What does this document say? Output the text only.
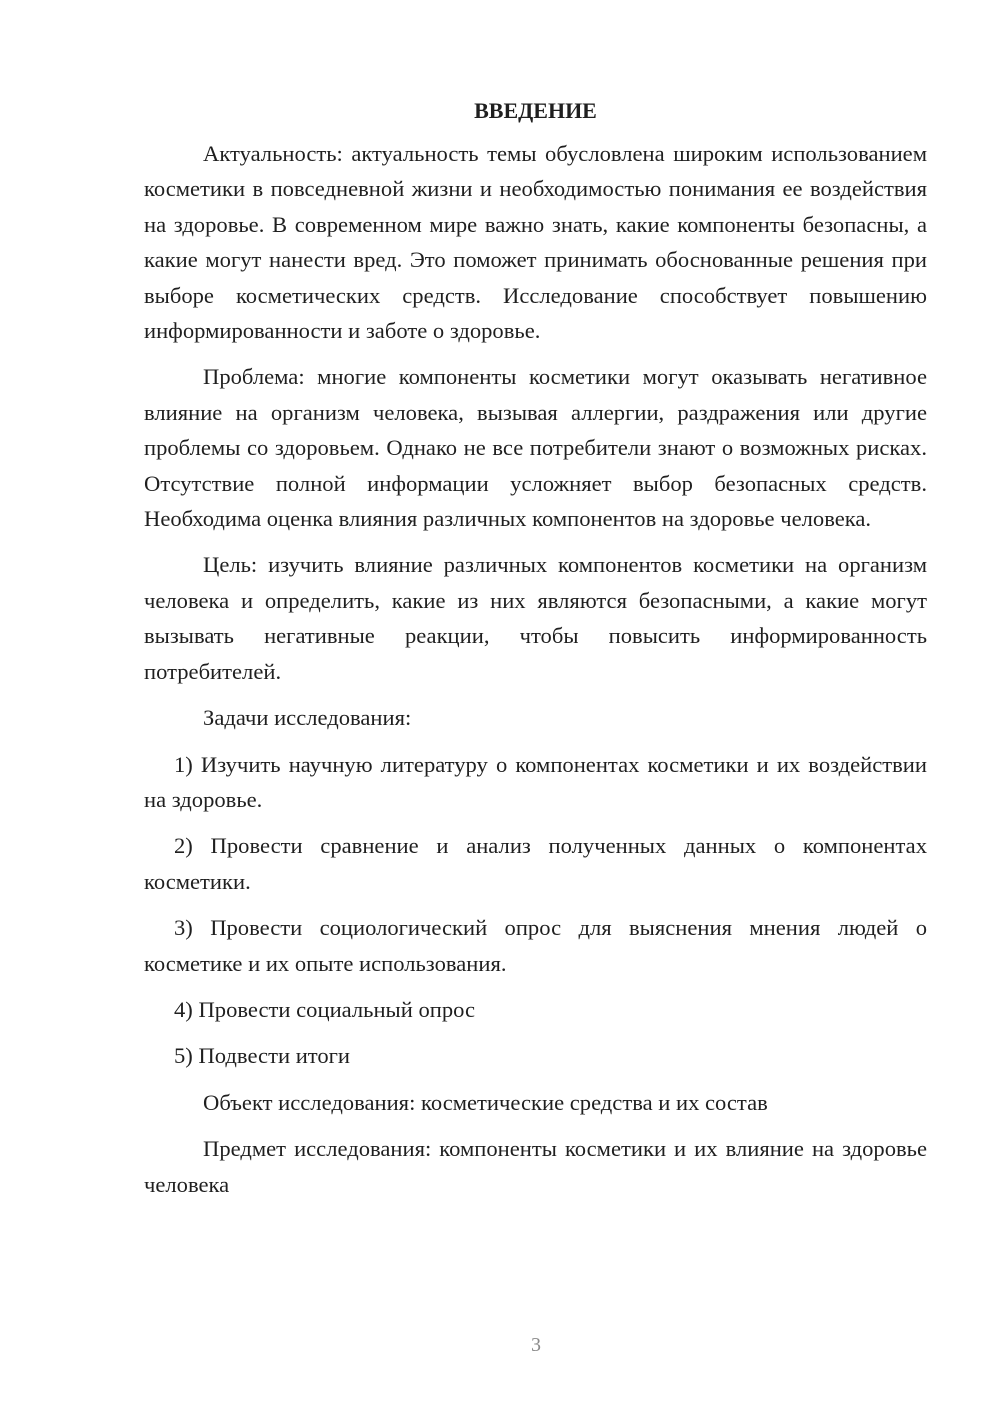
ВВЕДЕНИЕ

Актуальность: актуальность темы обусловлена широким использованием косметики в повседневной жизни и необходимостью понимания ее воздействия на здоровье. В современном мире важно знать, какие компоненты безопасны, а какие могут нанести вред. Это поможет принимать обоснованные решения при выборе косметических средств. Исследование способствует повышению информированности и заботе о здоровье.

Проблема: многие компоненты косметики могут оказывать негативное влияние на организм человека, вызывая аллергии, раздражения или другие проблемы со здоровьем. Однако не все потребители знают о возможных рисках. Отсутствие полной информации усложняет выбор безопасных средств. Необходима оценка влияния различных компонентов на здоровье человека.

Цель: изучить влияние различных компонентов косметики на организм человека и определить, какие из них являются безопасными, а какие могут вызывать негативные реакции, чтобы повысить информированность потребителей.

Задачи исследования:

1) Изучить научную литературу о компонентах косметики и их воздействии на здоровье.

2) Провести сравнение и анализ полученных данных о компонентах косметики.

3) Провести социологический опрос для выяснения мнения людей о косметике и их опыте использования.

4) Провести социальный опрос

5) Подвести итоги

Объект исследования: косметические средства и их состав

Предмет исследования: компоненты косметики и их влияние на здоровье человека

3
